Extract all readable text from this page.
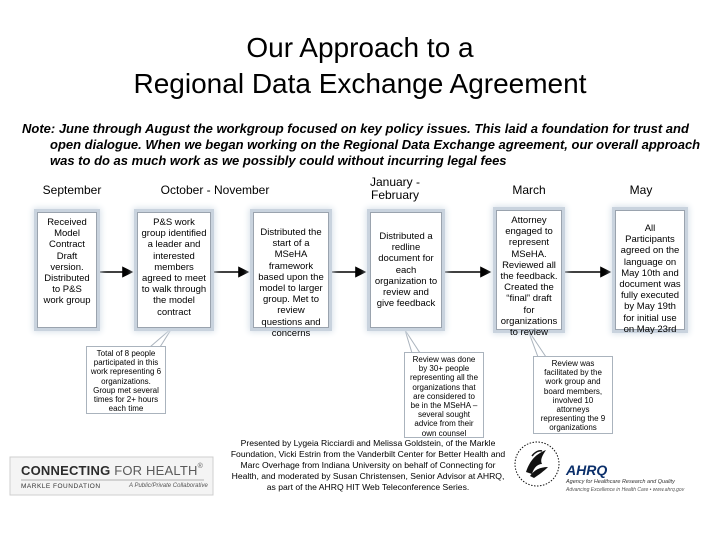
Our Approach to a
Regional Data Exchange Agreement
Note: June through August the workgroup focused on key policy issues. This laid a foundation for trust and open dialogue. When we began working on the Regional Data Exchange agreement, our overall approach was to do as much work as we possibly could without incurring legal fees
September	October - November
January - February	March	May
Received Model Contract Draft version. Distributed to P&S work group
P&S work group identified a leader and interested members agreed to meet to walk through the model contract
Distributed the start of a MSeHA framework based upon the model to larger group. Met to review questions and concerns
Distributed a redline document for each organization to review and give feedback
Attorney engaged to represent MSeHA. Reviewed all the feedback. Created the “final” draft for organizations to review
All Participants agreed on the language on May 10th and document was fully executed by May 19th for initial use on May 23rd
Total of 8 people participated in this work representing 6 organizations. Group met several times for 2+ hours each time
Review was done by 30+ people representing all the organizations that are considered to be in the MSeHA – several sought advice from their own counsel
Review was facilitated by the work group and board members, involved 10 attorneys representing the 9 organizations
CONNECTING FOR HEALTH®
MARKLE FOUNDATION	A Public/Private Collaborative
Presented by Lygeia Ricciardi and Melissa Goldstein, of the Markle Foundation, Vicki Estrin from the Vanderbilt Center for Better Health and Marc Overhage from Indiana University on behalf of Connecting for Health, and moderated by Susan Christensen, Senior Advisor at AHRQ, as part of the AHRQ HIT Web Teleconference Series.
AHRQ
Agency for Healthcare Research and Quality
Advancing Excellence in Health Care • www.ahrq.gov
